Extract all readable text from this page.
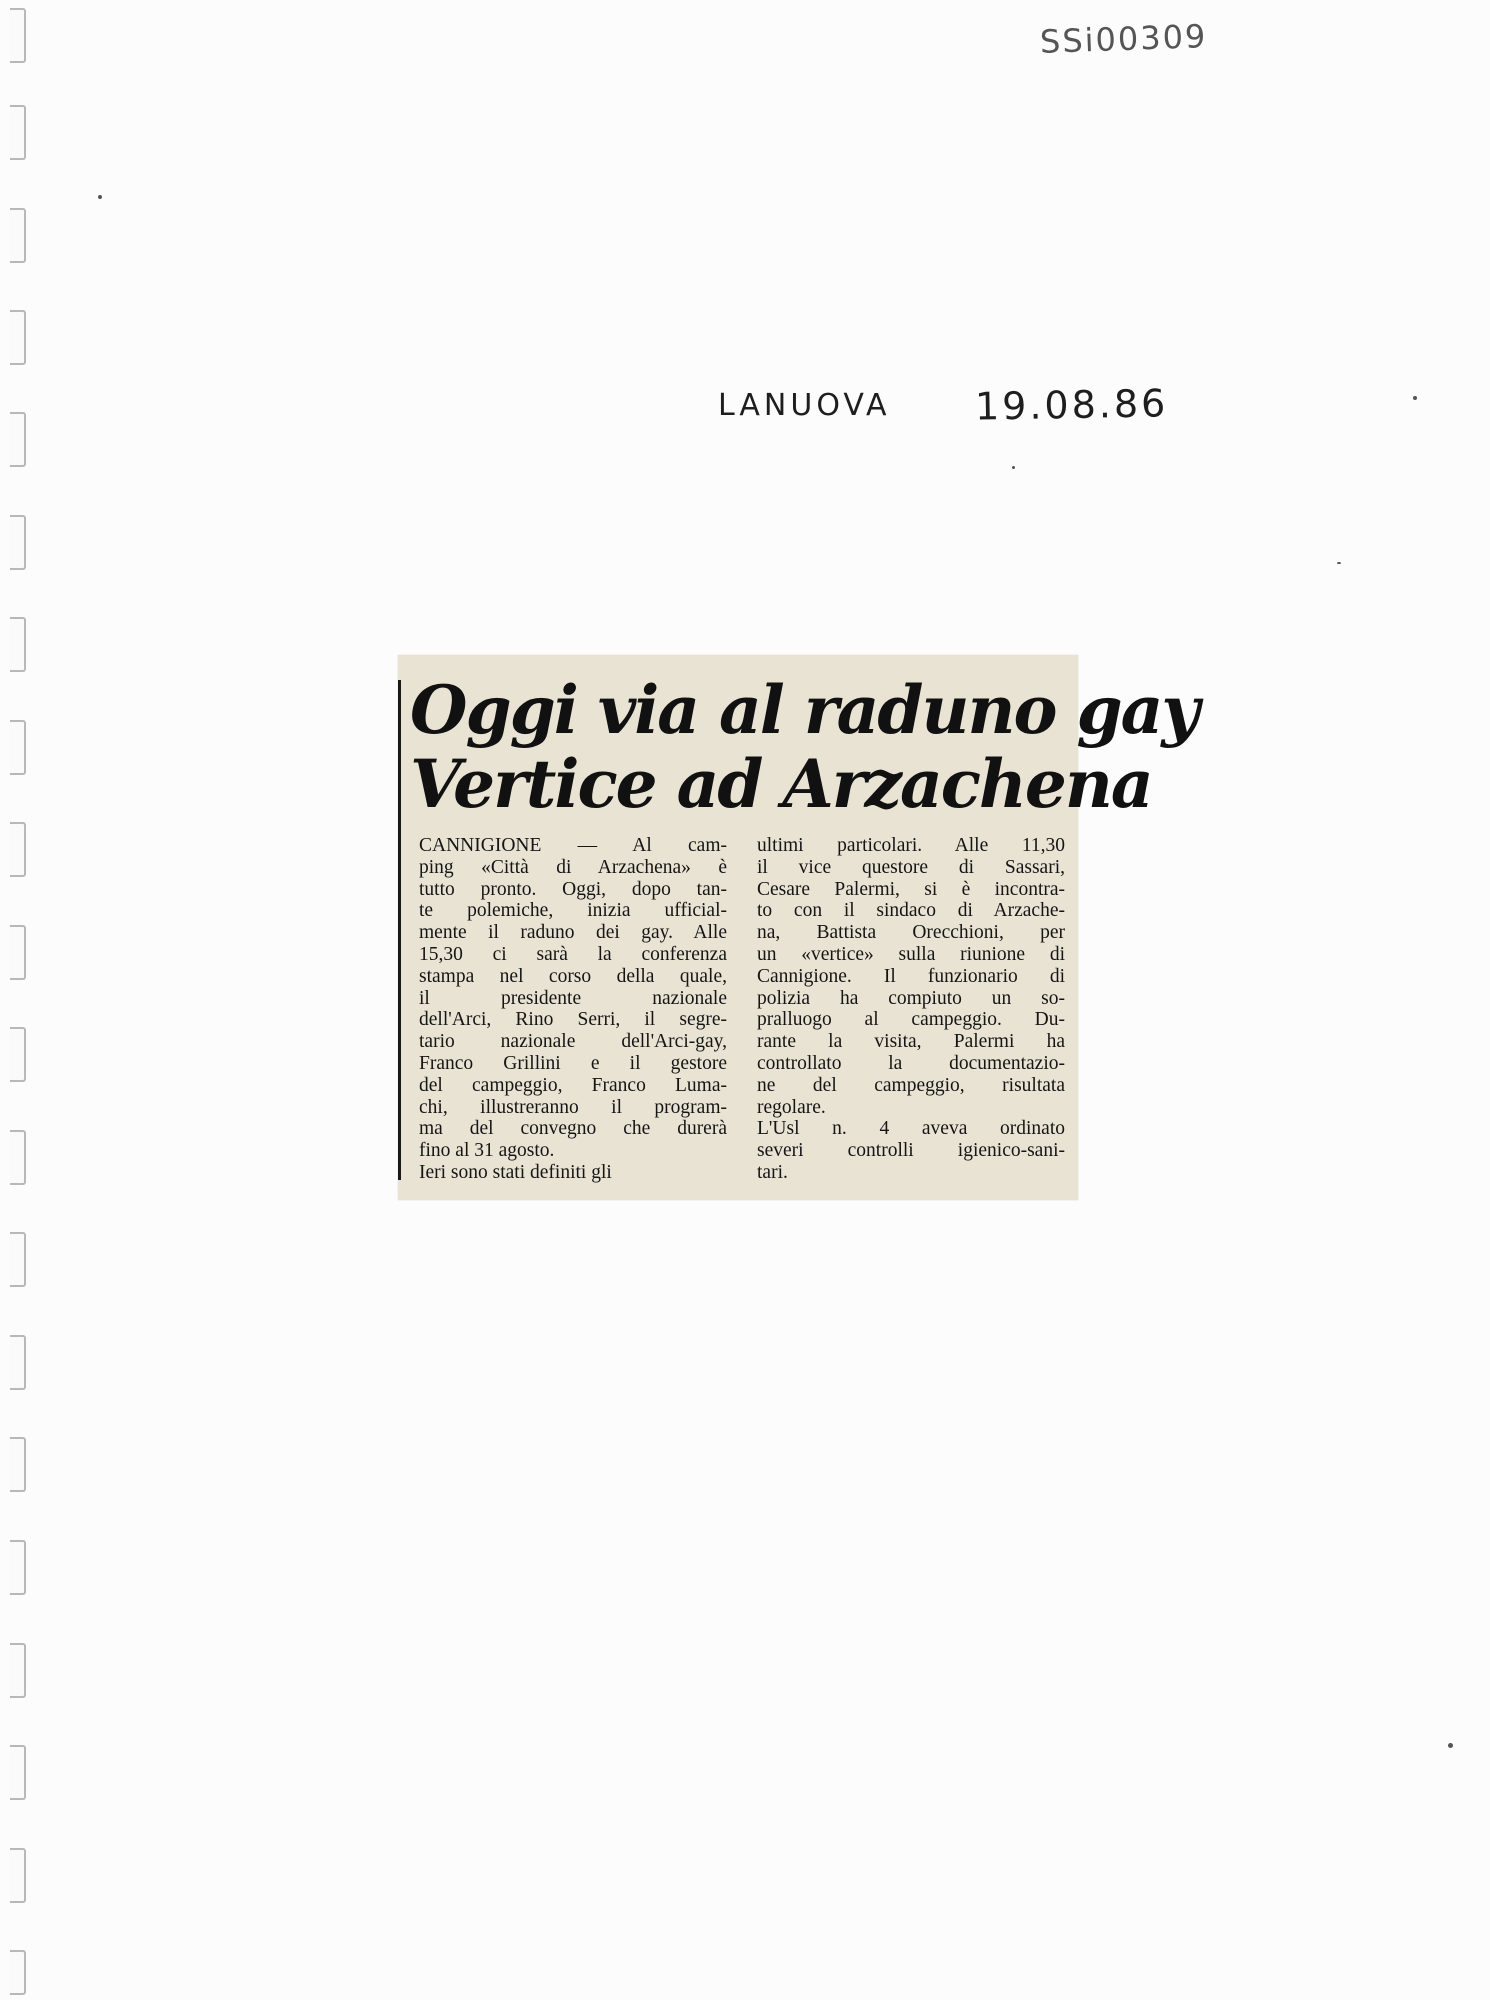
SSi00309
LANUOVA 19.08.86
Oggi via al raduno gay
Vertice ad Arzachena
CANNIGIONE — Al cam-
ping «Città di Arzachena» è
tutto pronto. Oggi, dopo tan-
te polemiche, inizia ufficial-
mente il raduno dei gay. Alle
15,30 ci sarà la conferenza
stampa nel corso della quale,
il presidente nazionale
dell'Arci, Rino Serri, il segre-
tario nazionale dell'Arci-gay,
Franco Grillini e il gestore
del campeggio, Franco Luma-
chi, illustreranno il program-
ma del convegno che durerà
fino al 31 agosto.
Ieri sono stati definiti gli
ultimi particolari. Alle 11,30
il vice questore di Sassari,
Cesare Palermi, si è incontra-
to con il sindaco di Arzache-
na, Battista Orecchioni, per
un «vertice» sulla riunione di
Cannigione. Il funzionario di
polizia ha compiuto un so-
pralluogo al campeggio. Du-
rante la visita, Palermi ha
controllato la documentazio-
ne del campeggio, risultata
regolare.
L'Usl n. 4 aveva ordinato
severi controlli igienico-sani-
tari.
